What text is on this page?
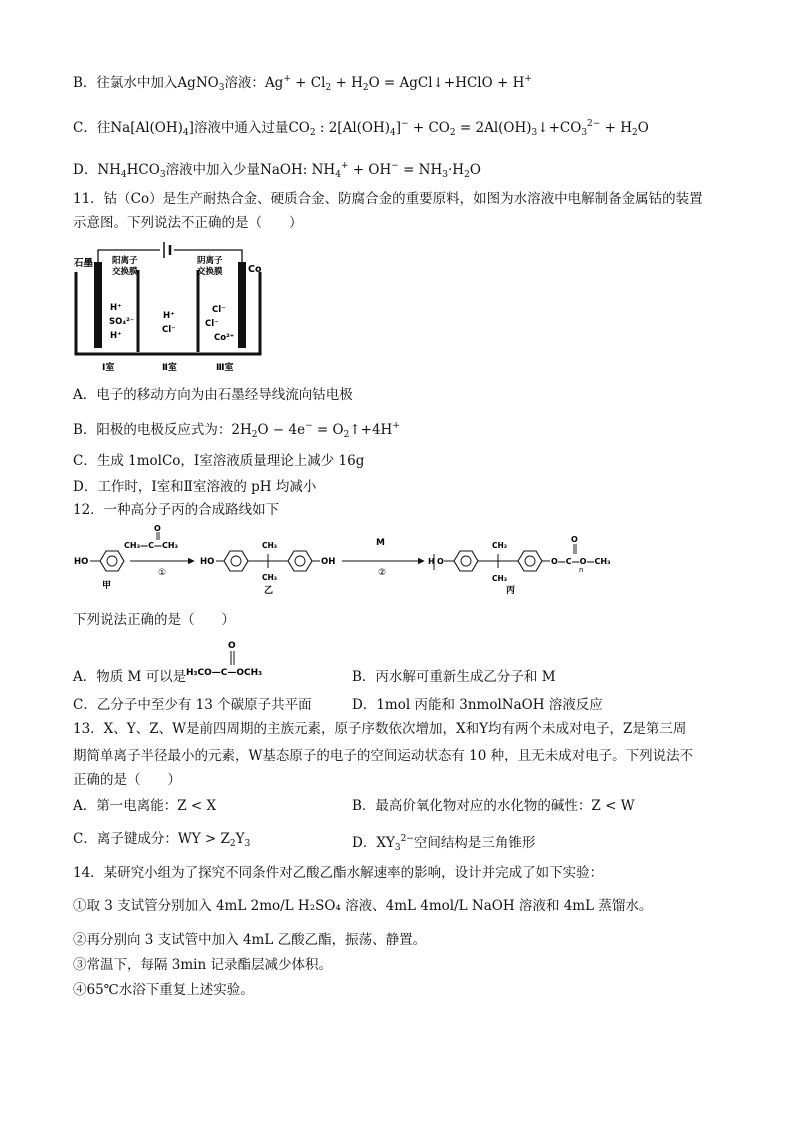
B．往氯水中加入AgNO$_3$溶液：$Ag^+ + Cl_2 + H_2O$ = AgCl↓+HClO + H+
C．往$Na[Al(OH)_4]$溶液中通入过量$CO_2$ : $2[Al(OH)_4]^- + CO_2$ = $2Al(OH)_3↓+CO_3^{2-} + H_2O$
D．$NH_4HCO_3$溶液中加入少量NaOH: $NH_4^+ + OH^- = NH_3\cdot H_2O$
11．钴（Co）是生产耐热合金、硬质合金、防腐合金的重要原料，如图为水溶液中电解制备金属钴的装置
示意图。下列说法不正确的是（　　）
石墨 阳离子
交换膜
阴离子
交换膜	Co
H⁺
SO₄²⁻
H⁺
H⁺
Cl⁻
Cl⁻
Cl⁻
Co²⁺
Ⅰ室	Ⅱ室	Ⅲ室
A．电子的移动方向为由石墨经导线流向钴电极
B．阳极的电极反应式为：$2H_2O - 4e^-$ = $O_2↑+4H^+$
C．生成 1molCo，Ⅰ室溶液质量理论上减少 16g
D．工作时，Ⅰ室和Ⅱ室溶液的 pH 均减小
12．一种高分子丙的合成路线如下
HO
甲
CH₃—C—CH₃
O
①
HO
CH₃
CH₃
OH
乙
M
②
H O
CH₃
CH₃
O—C—O—CH₃
O
n
丙
下列说法正确的是（　　）
A．物质 M 可以是 H₃CO—C—OCH₃
O
B．丙水解可重新生成乙分子和 M
C．乙分子中至少有 13 个碳原子共平面	D．1mol 丙能和 3nmolNaOH 溶液反应
13．X、Y、Z、W是前四周期的主族元素，原子序数依次增加，X和Y均有两个未成对电子，Z是第三周
期简单离子半径最小的元素，W基态原子的电子的空间运动状态有 10 种，且无未成对电子。下列说法不
正确的是（　　）
A．第一电离能：Z < X	B．最高价氧化物对应的水化物的碱性：Z < W
C．离子键成分：WY > $Z_2Y_3$	D．$XY_3^{2-}$空间结构是三角锥形
14．某研究小组为了探究不同条件对乙酸乙酯水解速率的影响，设计并完成了如下实验：
①取 3 支试管分别加入 4mL 2mo/L H₂SO₄ 溶液、4mL 4mol/L NaOH 溶液和 4mL 蒸馏水。
②再分别向 3 支试管中加入 4mL 乙酸乙酯，振荡、静置。
③常温下，每隔 3min 记录酯层减少体积。
④65℃水浴下重复上述实验。
